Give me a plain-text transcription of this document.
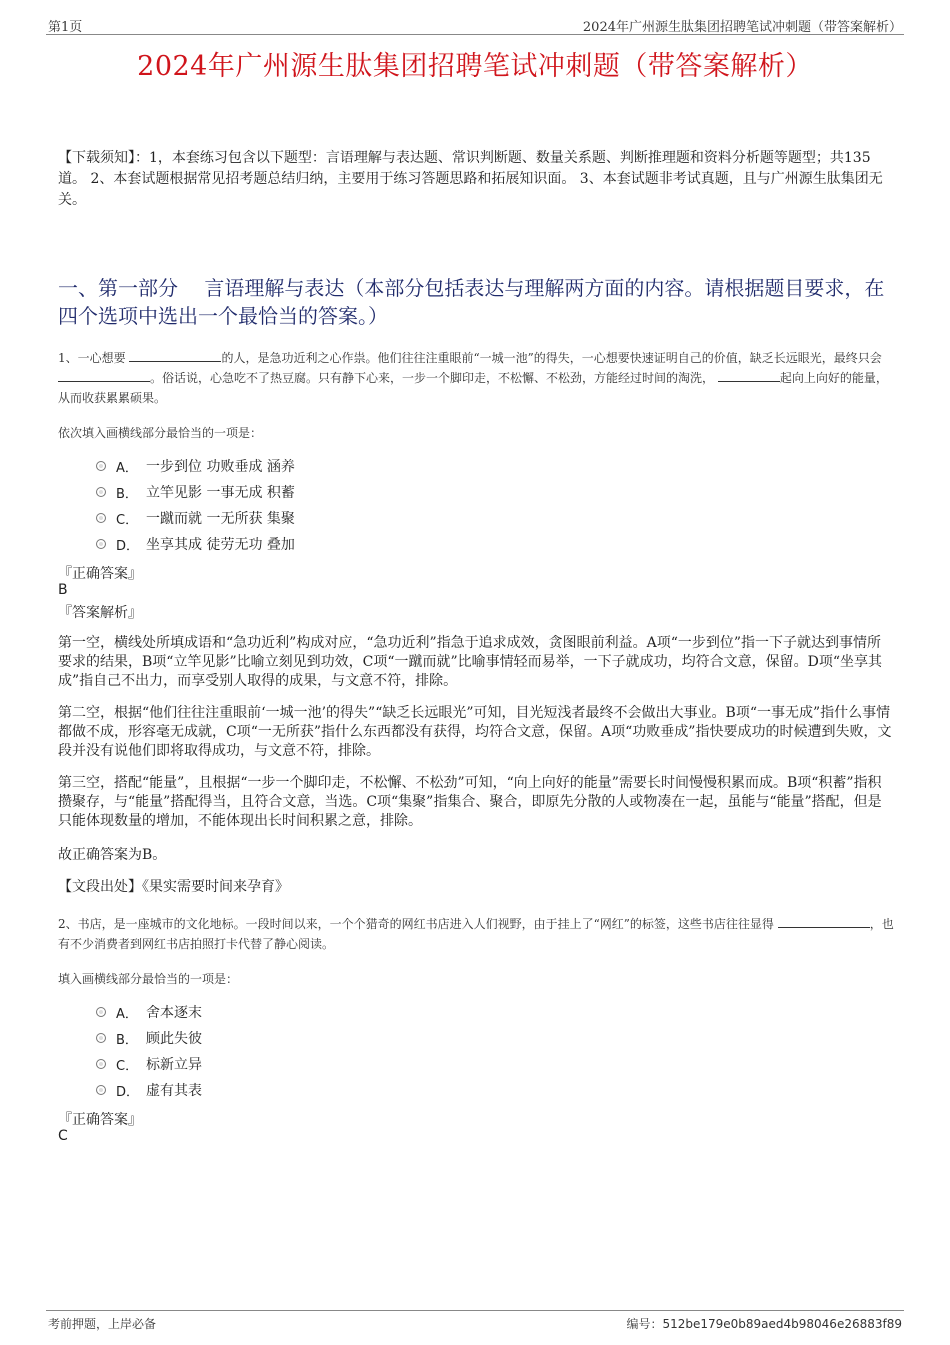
第1页	2024年广州源生肽集团招聘笔试冲刺题（带答案解析）
2024年广州源生肽集团招聘笔试冲刺题（带答案解析）
【下载须知】：1，本套练习包含以下题型：言语理解与表达题、常识判断题、数量关系题、判断推理题和资料分析题等题型；共135道。 2、本套试题根据常见招考题总结归纳，主要用于练习答题思路和拓展知识面。 3、本套试题非考试真题，且与广州源生肽集团无关。
一、第一部分　 言语理解与表达（本部分包括表达与理解两方面的内容。请根据题目要求，在四个选项中选出一个最恰当的答案。）
1、一心想要	的人，是急功近利之心作祟。他们往往注重眼前“一城一池”的得失，一心想要快速证明自己的价值，缺乏长远眼光，最终只会 。俗话说，心急吃不了热豆腐。只有静下心来，一步一个脚印走，不松懈、不松劲，方能经过时间的淘洗，	起向上向好的能量，从而收获累累硕果。
依次填入画横线部分最恰当的一项是：
A． 一步到位 功败垂成 涵养
B． 立竿见影 一事无成 积蓄
C． 一蹴而就 一无所获 集聚
D． 坐享其成 徒劳无功 叠加
『正确答案』
B
『答案解析』
第一空，横线处所填成语和“急功近利”构成对应，“急功近利”指急于追求成效，贪图眼前利益。A项“一步到位”指一下子就达到事情所要求的结果，B项“立竿见影”比喻立刻见到功效，C项“一蹴而就”比喻事情轻而易举，一下子就成功，均符合文意，保留。D项“坐享其成”指自己不出力，而享受别人取得的成果，与文意不符，排除。
第二空，根据“他们往往注重眼前‘一城一池’的得失”“缺乏长远眼光”可知，目光短浅者最终不会做出大事业。B项“一事无成”指什么事情都做不成，形容毫无成就，C项“一无所获”指什么东西都没有获得，均符合文意，保留。A项“功败垂成”指快要成功的时候遭到失败，文段并没有说他们即将取得成功，与文意不符，排除。
第三空，搭配“能量”，且根据“一步一个脚印走，不松懈、不松劲”可知，“向上向好的能量”需要长时间慢慢积累而成。B项“积蓄”指积攒聚存，与“能量”搭配得当，且符合文意，当选。C项“集聚”指集合、聚合，即原先分散的人或物凑在一起，虽能与“能量”搭配，但是只能体现数量的增加，不能体现出长时间积累之意，排除。
故正确答案为B。
【文段出处】《果实需要时间来孕育》
2、书店，是一座城市的文化地标。一段时间以来，一个个猎奇的网红书店进入人们视野，由于挂上了“网红”的标签，这些书店往往显得	，也有不少消费者到网红书店拍照打卡代替了静心阅读。
填入画横线部分最恰当的一项是：
A． 舍本逐末
B． 顾此失彼
C． 标新立异
D． 虚有其表
『正确答案』
C
考前押题，上岸必备	编号：512be179e0b89aed4b98046e26883f89
